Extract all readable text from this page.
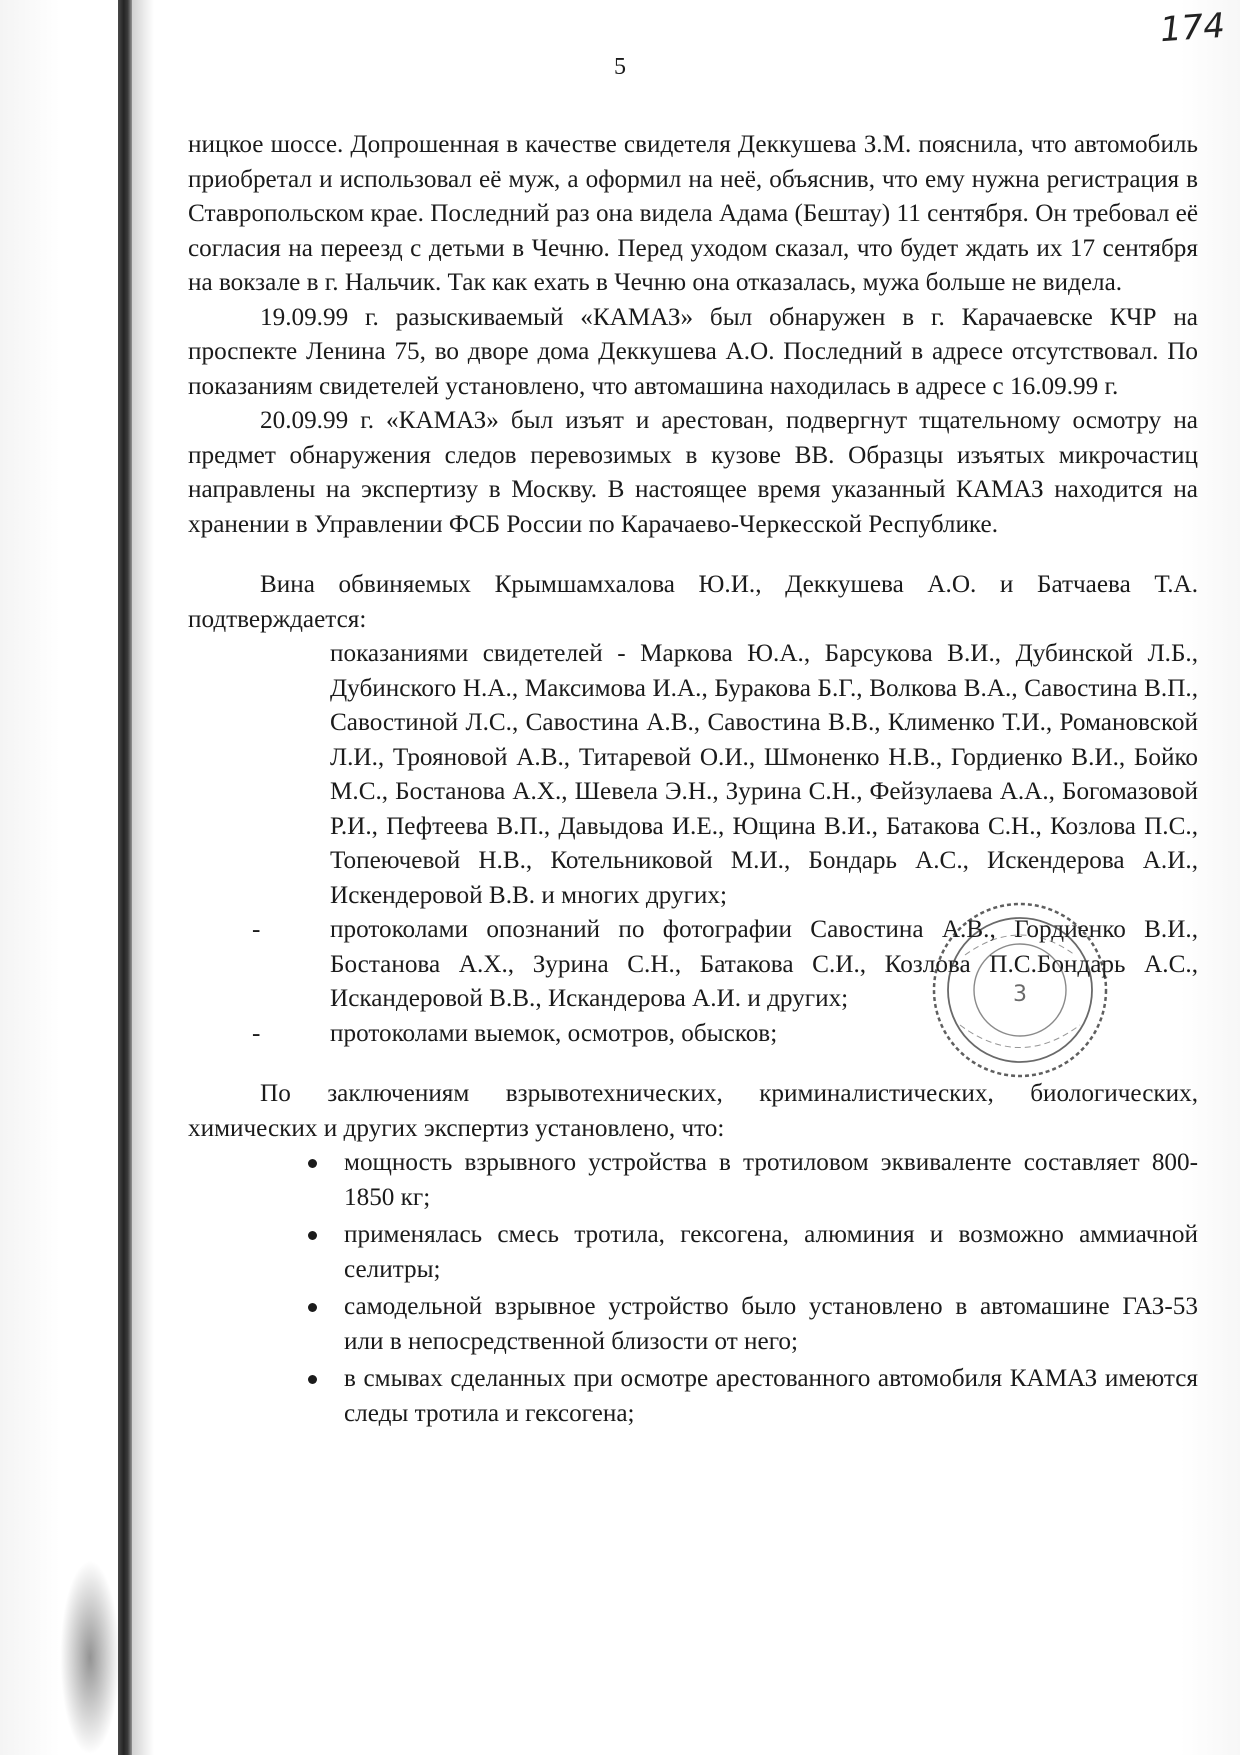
174
5

ницкое шоссе. Допрошенная в качестве свидетеля Деккушева З.М. пояснила, что автомобиль приобретал и использовал её муж, а оформил на неё, объяснив, что ему нужна регистрация в Ставропольском крае. Последний раз она видела Адама (Бештау) 11 сентября. Он требовал её согласия на переезд с детьми в Чечню. Перед уходом сказал, что будет ждать их 17 сентября на вокзале в г. Нальчик. Так как ехать в Чечню она отказалась, мужа больше не видела.

19.09.99 г. разыскиваемый «КАМАЗ» был обнаружен в г. Карачаевске КЧР на проспекте Ленина 75, во дворе дома Деккушева А.О. Последний в адресе отсутствовал. По показаниям свидетелей установлено, что автомашина находилась в адресе с 16.09.99 г.

20.09.99 г. «КАМАЗ» был изъят и арестован, подвергнут тщательному осмотру на предмет обнаружения следов перевозимых в кузове ВВ. Образцы изъятых микрочастиц направлены на экспертизу в Москву. В настоящее время указанный КАМАЗ находится на хранении в Управлении ФСБ России по Карачаево-Черкесской Республике.

Вина обвиняемых Крымшамхалова Ю.И., Деккушева А.О. и Батчаева Т.А. подтверждается:

показаниями свидетелей - Маркова Ю.А., Барсукова В.И., Дубинской Л.Б., Дубинского Н.А., Максимова И.А., Буракова Б.Г., Волкова В.А., Савостина В.П., Савостиной Л.С., Савостина А.В., Савостина В.В., Клименко Т.И., Романовской Л.И., Трояновой А.В., Титаревой О.И., Шмоненко Н.В., Гордиенко В.И., Бойко М.С., Бостанова А.Х., Шевела Э.Н., Зурина С.Н., Фейзулаева А.А., Богомазовой Р.И., Пефтеева В.П., Давыдова И.Е., Ющина В.И., Батакова С.Н., Козлова П.С., Топеючевой Н.В., Котельниковой М.И., Бондарь А.С., Искендерова А.И., Искендеровой В.В. и многих других;
-	протоколами опознаний по фотографии Савостина А.В., Гордиенко В.И., Бостанова А.Х., Зурина С.Н., Батакова С.И., Козлова П.С.Бондарь А.С., Искандеровой В.В., Искандерова А.И. и других;
-	протоколами выемок, осмотров, обысков;

По заключениям взрывотехнических, криминалистических, биологических, химических и других экспертиз установлено, что:

мощность взрывного устройства в тротиловом эквиваленте составляет 800-1850 кг;
применялась смесь тротила, гексогена, алюминия и возможно аммиачной селитры;
самодельной взрывное устройство было установлено в автомашине ГАЗ-53 или в непосредственной близости от него;
в смывах сделанных при осмотре арестованного автомобиля КАМАЗ имеются следы тротила и гексогена;
3
